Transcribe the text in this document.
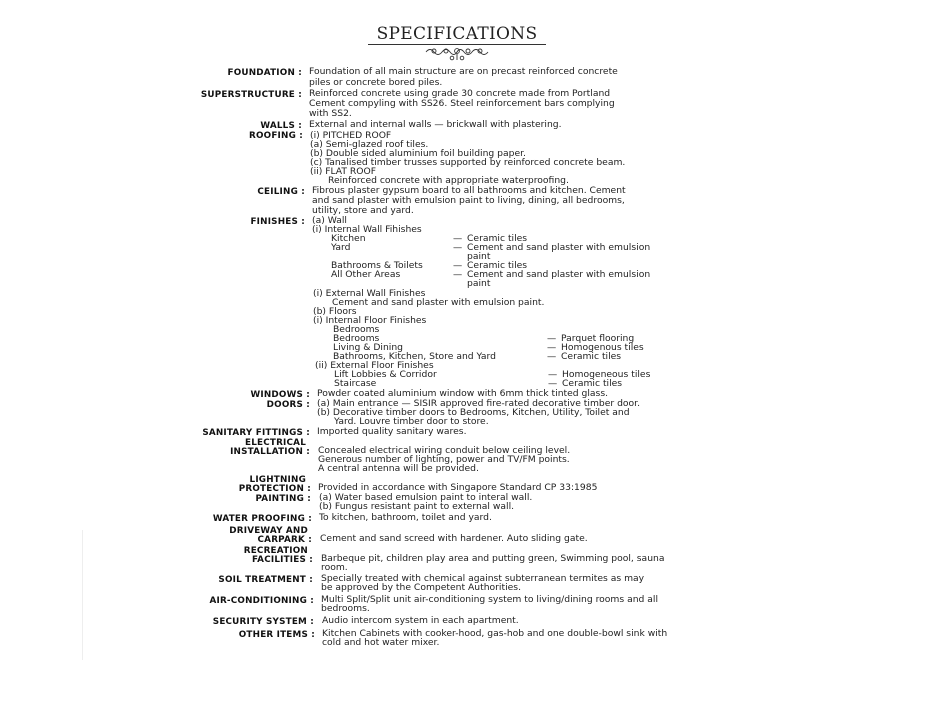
SPECIFICATIONS
FOUNDATION : Foundation of all main structure are on precast reinforced concrete
piles or concrete bored piles.
SUPERSTRUCTURE : Reinforced concrete using grade 30 concrete made from Portland
Cement compyling with SS26. Steel reinforcement bars complying
with SS2.
WALLS : External and internal walls — brickwall with plastering.
ROOFING : (i) PITCHED ROOF
(a) Semi-glazed roof tiles.
(b) Double sided aluminium foil building paper.
(c) Tanalised timber trusses supported by reinforced concrete beam.
(ii) FLAT ROOF
Reinforced concrete with appropriate waterproofing.
CEILING : Fibrous plaster gypsum board to all bathrooms and kitchen. Cement
and sand plaster with emulsion paint to living, dining, all bedrooms,
utility, store and yard.
FINISHES : (a) Wall
(i) Internal Wall Fihishes
Kitchen	— Ceramic tiles
Yard	— Cement and sand plaster with emulsion
paint
Bathrooms & Toilets	— Ceramic tiles
All Other Areas	— Cement and sand plaster with emulsion
paint
(i) External Wall Finishes
Cement and sand plaster with emulsion paint.
(b) Floors
(i) Internal Floor Finishes
Bedrooms
Bedrooms	— Parquet flooring
Living & Dining	— Homogenous tiles
Bathrooms, Kitchen, Store and Yard	— Ceramic tiles
(ii) External Floor Finishes
Lift Lobbies & Corridor	— Homogeneous tiles
Staircase	— Ceramic tiles
WINDOWS : Powder coated aluminium window with 6mm thick tinted glass.
DOORS : (a) Main entrance — SISIR approved fire-rated decorative timber door.
(b) Decorative timber doors to Bedrooms, Kitchen, Utility, Toilet and
Yard. Louvre timber door to store.
SANITARY FITTINGS : Imported quality sanitary wares.
ELECTRICAL
INSTALLATION : Concealed electrical wiring conduit below ceiling level.
Generous number of lighting, power and TV/FM points.
A central antenna will be provided.
LIGHTNING
PROTECTION : Provided in accordance with Singapore Standard CP 33:1985
PAINTING : (a) Water based emulsion paint to interal wall.
(b) Fungus resistant paint to external wall.
WATER PROOFING : To kitchen, bathroom, toilet and yard.
DRIVEWAY AND
CARPARK : Cement and sand screed with hardener. Auto sliding gate.
RECREATION
FACILITIES : Barbeque pit, children play area and putting green, Swimming pool, sauna
room.
SOIL TREATMENT : Specially treated with chemical against subterranean termites as may
be approved by the Competent Authorities.
AIR-CONDITIONING : Multi Split/Split unit air-conditioning system to living/dining rooms and all
bedrooms.
SECURITY SYSTEM : Audio intercom system in each apartment.
OTHER ITEMS : Kitchen Cabinets with cooker-hood, gas-hob and one double-bowl sink with
cold and hot water mixer.
